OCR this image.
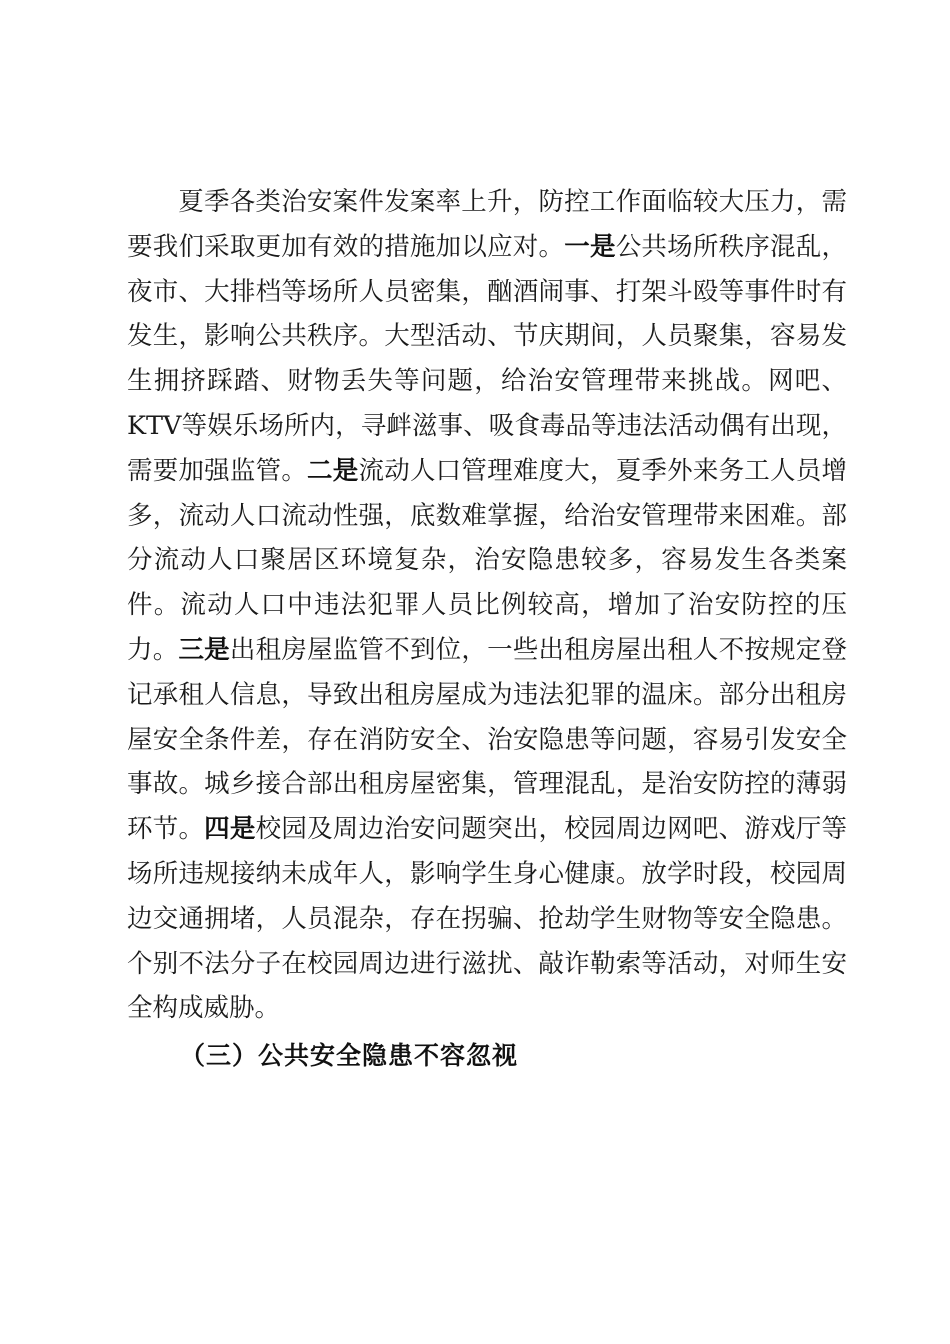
夏季各类治安案件发案率上升，防控工作面临较大压力，需要我们采取更加有效的措施加以应对。一是公共场所秩序混乱，夜市、大排档等场所人员密集，酗酒闹事、打架斗殴等事件时有发生，影响公共秩序。大型活动、节庆期间，人员聚集，容易发生拥挤踩踏、财物丢失等问题，给治安管理带来挑战。网吧、KTV等娱乐场所内，寻衅滋事、吸食毒品等违法活动偶有出现，需要加强监管。二是流动人口管理难度大，夏季外来务工人员增多，流动人口流动性强，底数难掌握，给治安管理带来困难。部分流动人口聚居区环境复杂，治安隐患较多，容易发生各类案件。流动人口中违法犯罪人员比例较高，增加了治安防控的压力。三是出租房屋监管不到位，一些出租房屋出租人不按规定登记承租人信息，导致出租房屋成为违法犯罪的温床。部分出租房屋安全条件差，存在消防安全、治安隐患等问题，容易引发安全事故。城乡接合部出租房屋密集，管理混乱，是治安防控的薄弱环节。四是校园及周边治安问题突出，校园周边网吧、游戏厅等场所违规接纳未成年人，影响学生身心健康。放学时段，校园周边交通拥堵，人员混杂，存在拐骗、抢劫学生财物等安全隐患。个别不法分子在校园周边进行滋扰、敲诈勒索等活动，对师生安全构成威胁。

（三）公共安全隐患不容忽视
